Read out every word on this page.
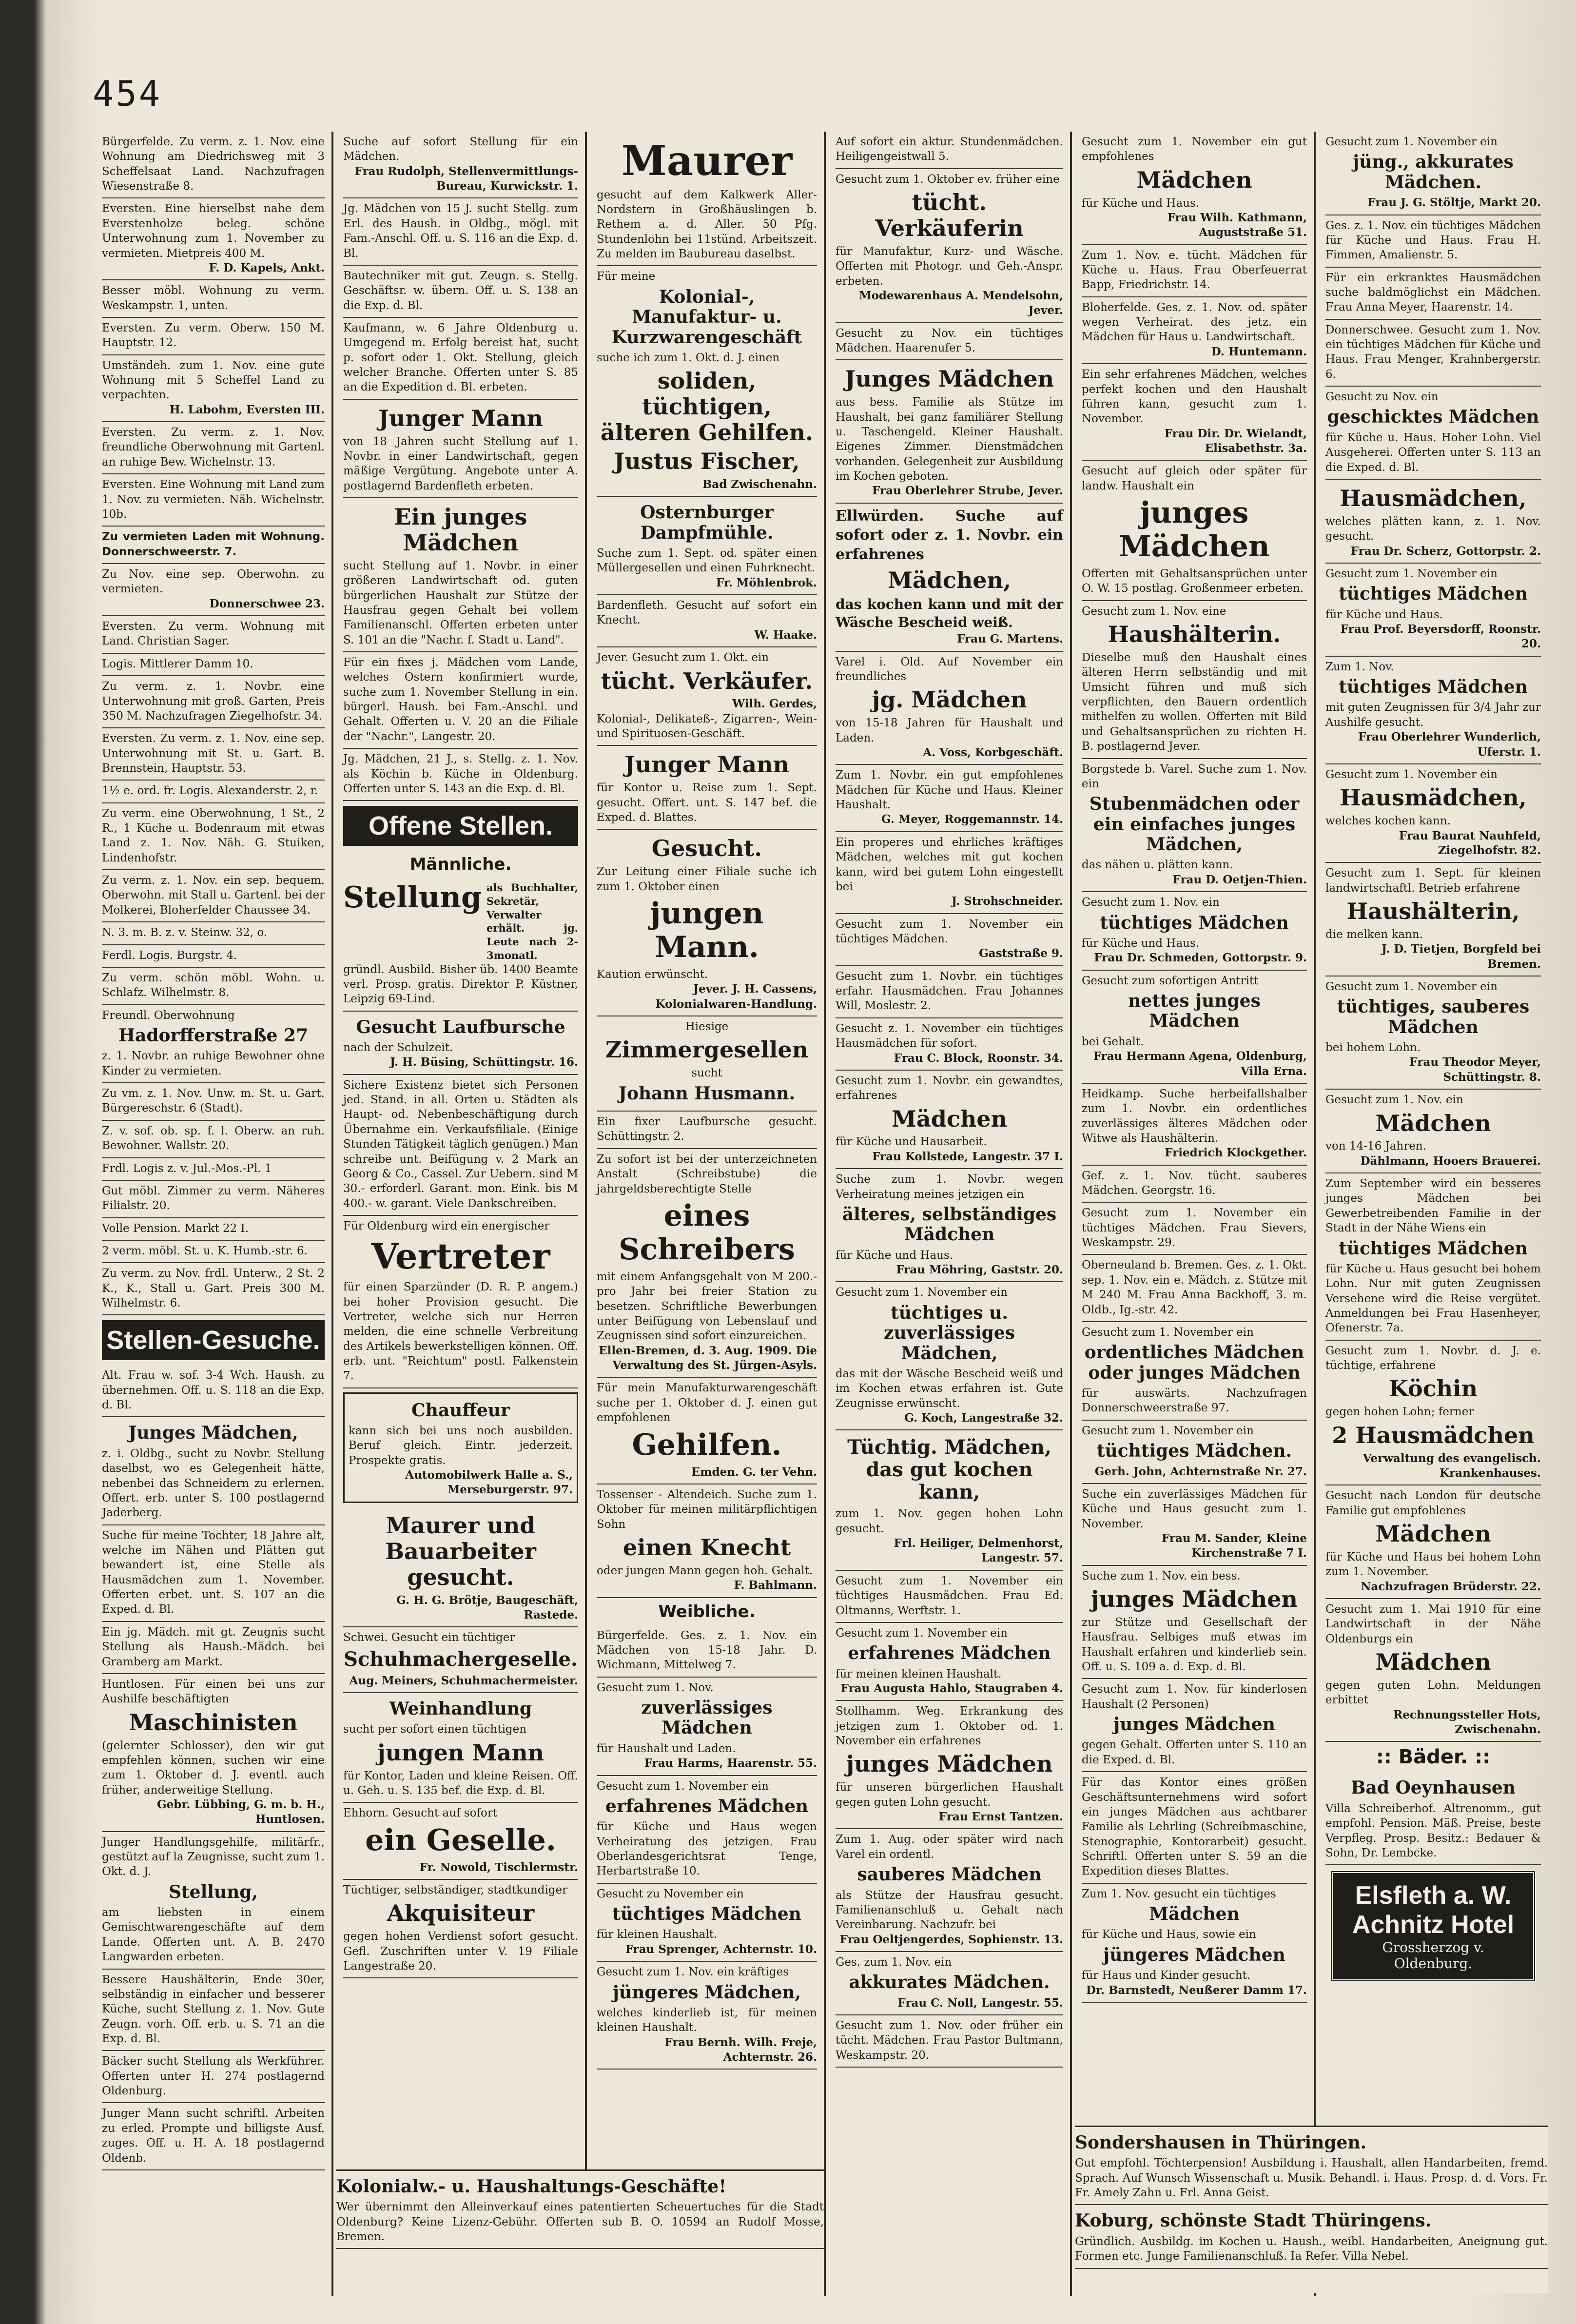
454
Bürgerfelde. Zu verm. z. 1. Nov. eine Wohnung am Diedrichsweg mit 3 Scheffelsaat Land. Nachzufragen Wiesenstraße 8.
Eversten. Eine hierselbst nahe dem Everstenholze beleg. schöne Unterwohnung zum 1. November zu vermieten. Mietpreis 400 M.
F. D. Kapels, Ankt.
Besser möbl. Wohnung zu verm. Weskampstr. 1, unten.
Eversten. Zu verm. Oberw. 150 M. Hauptstr. 12.
Umständeh. zum 1. Nov. eine gute Wohnung mit 5 Scheffel Land zu verpachten.
H. Labohm, Eversten III.
Eversten. Zu verm. z. 1. Nov. freundliche Oberwohnung mit Gartenl. an ruhige Bew. Wichelnstr. 13.
Eversten. Eine Wohnung mit Land zum 1. Nov. zu vermieten. Näh. Wichelnstr. 10b.
Zu vermieten Laden mit Wohnung. Donnerschweerstr. 7.
Zu Nov. eine sep. Oberwohn. zu vermieten.
Donnerschwee 23.
Eversten. Zu verm. Wohnung mit Land. Christian Sager.
Logis. Mittlerer Damm 10.
Zu verm. z. 1. Novbr. eine Unterwohnung mit groß. Garten, Preis 350 M. Nachzufragen Ziegelhofstr. 34.
Eversten. Zu verm. z. 1. Nov. eine sep. Unterwohnung mit St. u. Gart. B. Brennstein, Hauptstr. 53.
1½ e. ord. fr. Logis. Alexanderstr. 2, r.
Zu verm. eine Oberwohnung, 1 St., 2 R., 1 Küche u. Bodenraum mit etwas Land z. 1. Nov. Näh. G. Stuiken, Lindenhofstr.
Zu verm. z. 1. Nov. ein sep. bequem. Oberwohn. mit Stall u. Gartenl. bei der Molkerei, Bloherfelder Chaussee 34.
N. 3. m. B. z. v. Steinw. 32, o.
Ferdl. Logis. Burgstr. 4.
Zu verm. schön möbl. Wohn. u. Schlafz. Wilhelmstr. 8.
Freundl. Oberwohnung
Hadorfferstraße 27
z. 1. Novbr. an ruhige Bewohner ohne Kinder zu vermieten.
Zu vm. z. 1. Nov. Unw. m. St. u. Gart. Bürgereschstr. 6 (Stadt).
Z. v. sof. ob. sp. f. l. Oberw. an ruh. Bewohner. Wallstr. 20.
Frdl. Logis z. v. Jul.-Mos.-Pl. 1
Gut möbl. Zimmer zu verm. Näheres Filialstr. 20.
Volle Pension. Markt 22 I.
2 verm. möbl. St. u. K. Humb.-str. 6.
Zu verm. zu Nov. frdl. Unterw., 2 St. 2 K., K., Stall u. Gart. Preis 300 M. Wilhelmstr. 6.
Stellen-Gesuche.
Alt. Frau w. sof. 3-4 Wch. Haush. zu übernehmen. Off. u. S. 118 an die Exp. d. Bl.
Junges Mädchen,
z. i. Oldbg., sucht zu Novbr. Stellung daselbst, wo es Gelegenheit hätte, nebenbei das Schneidern zu erlernen. Offert. erb. unter S. 100 postlagernd Jaderberg.
Suche für meine Tochter, 18 Jahre alt, welche im Nähen und Plätten gut bewandert ist, eine Stelle als Hausmädchen zum 1. November. Offerten erbet. unt. S. 107 an die Exped. d. Bl.
Ein jg. Mädch. mit gt. Zeugnis sucht Stellung als Haush.-Mädch. bei Gramberg am Markt.
Huntlosen. Für einen bei uns zur Aushilfe beschäftigten
Maschinisten
(gelernter Schlosser), den wir gut empfehlen können, suchen wir eine zum 1. Oktober d. J. eventl. auch früher, anderweitige Stellung.
Gebr. Lübbing, G. m. b. H., Huntlosen.
Junger Handlungsgehilfe, militärfr., gestützt auf la Zeugnisse, sucht zum 1. Okt. d. J.
Stellung,
am liebsten in einem Gemischtwarengeschäfte auf dem Lande. Offerten unt. A. B. 2470 Langwarden erbeten.
Bessere Haushälterin, Ende 30er, selbständig in einfacher und besserer Küche, sucht Stellung z. 1. Nov. Gute Zeugn. vorh. Off. erb. u. S. 71 an die Exp. d. Bl.
Bäcker sucht Stellung als Werkführer. Offerten unter H. 274 postlagernd Oldenburg.
Junger Mann sucht schriftl. Arbeiten zu erled. Prompte und billigste Ausf. zuges. Off. u. H. A. 18 postlagernd Oldenb.
Suche auf sofort Stellung für ein Mädchen.
Frau Rudolph, Stellenvermittlungs-Bureau, Kurwickstr. 1.
Jg. Mädchen von 15 J. sucht Stellg. zum Erl. des Haush. in Oldbg., mögl. mit Fam.-Anschl. Off. u. S. 116 an die Exp. d. Bl.
Bautechniker mit gut. Zeugn. s. Stellg. Geschäftsr. w. übern. Off. u. S. 138 an die Exp. d. Bl.
Kaufmann, w. 6 Jahre Oldenburg u. Umgegend m. Erfolg bereist hat, sucht p. sofort oder 1. Okt. Stellung, gleich welcher Branche. Offerten unter S. 85 an die Expedition d. Bl. erbeten.
Junger Mann
von 18 Jahren sucht Stellung auf 1. Novbr. in einer Landwirtschaft, gegen mäßige Vergütung. Angebote unter A. postlagernd Bardenfleth erbeten.
Ein junges Mädchen
sucht Stellung auf 1. Novbr. in einer größeren Landwirtschaft od. guten bürgerlichen Haushalt zur Stütze der Hausfrau gegen Gehalt bei vollem Familienanschl. Offerten erbeten unter S. 101 an die "Nachr. f. Stadt u. Land".
Für ein fixes j. Mädchen vom Lande, welches Ostern konfirmiert wurde, suche zum 1. November Stellung in ein. bürgerl. Haush. bei Fam.-Anschl. und Gehalt. Offerten u. V. 20 an die Filiale der "Nachr.", Langestr. 20.
Jg. Mädchen, 21 J., s. Stellg. z. 1. Nov. als Köchin b. Küche in Oldenburg. Offerten unter S. 143 an die Exp. d. Bl.
Offene Stellen.
Männliche.
Stellung als Buchhalter, Sekretär, Verwalter erhält. jg. Leute nach 2-3monatl.
gründl. Ausbild. Bisher üb. 1400 Beamte verl. Prosp. gratis. Direktor P. Küstner, Leipzig 69-Lind.
Gesucht Laufbursche
nach der Schulzeit.
J. H. Büsing, Schüttingstr. 16.
Sichere Existenz bietet sich Personen jed. Stand. in all. Orten u. Städten als Haupt- od. Nebenbeschäftigung durch Übernahme ein. Verkaufsfiliale. (Einige Stunden Tätigkeit täglich genügen.) Man schreibe unt. Beifügung v. 2 Mark an Georg & Co., Cassel. Zur Uebern. sind M 30.- erforderl. Garant. mon. Eink. bis M 400.- w. garant. Viele Dankschreiben.
Für Oldenburg wird ein energischer
Vertreter
für einen Sparzünder (D. R. P. angem.) bei hoher Provision gesucht. Die Vertreter, welche sich nur Herren melden, die eine schnelle Verbreitung des Artikels bewerkstelligen können. Off. erb. unt. "Reichtum" postl. Falkenstein 7.
Chauffeur
kann sich bei uns noch ausbilden. Beruf gleich. Eintr. jederzeit. Prospekte gratis.
Automobilwerk Halle a. S., Merseburgerstr. 97.
Maurer und Bauarbeiter gesucht.
G. H. G. Brötje, Baugeschäft, Rastede.
Schwei. Gesucht ein tüchtiger
Schuhmachergeselle.
Aug. Meiners, Schuhmachermeister.
Weinhandlung
sucht per sofort einen tüchtigen
jungen Mann
für Kontor, Laden und kleine Reisen. Off. u. Geh. u. S. 135 bef. die Exp. d. Bl.
Ehhorn. Gesucht auf sofort
ein Geselle.
Fr. Nowold, Tischlermstr.
Tüchtiger, selbständiger, stadtkundiger
Akquisiteur
gegen hohen Verdienst sofort gesucht. Gefl. Zuschriften unter V. 19 Filiale Langestraße 20.
Maurer
gesucht auf dem Kalkwerk Aller-Nordstern in Großhäuslingen b. Rethem a. d. Aller. 50 Pfg. Stundenlohn bei 11stünd. Arbeitszeit. Zu melden im Baubureau daselbst.
Für meine
Kolonial-, Manufaktur- u. Kurzwarengeschäft
suche ich zum 1. Okt. d. J. einen
soliden, tüchtigen, älteren Gehilfen.
Justus Fischer,
Bad Zwischenahn.
Osternburger Dampfmühle.
Suche zum 1. Sept. od. später einen Müllergesellen und einen Fuhrknecht.
Fr. Möhlenbrok.
Bardenfleth. Gesucht auf sofort ein Knecht.
W. Haake.
Jever. Gesucht zum 1. Okt. ein
tücht. Verkäufer.
Wilh. Gerdes,
Kolonial-, Delikateß-, Zigarren-, Wein- und Spirituosen-Geschäft.
Junger Mann
für Kontor u. Reise zum 1. Sept. gesucht. Offert. unt. S. 147 bef. die Exped. d. Blattes.
Gesucht.
Zur Leitung einer Filiale suche ich zum 1. Oktober einen
jungen Mann.
Kaution erwünscht.
Jever. J. H. Cassens, Kolonialwaren-Handlung.
Hiesige
Zimmergesellen
sucht
Johann Husmann.
Ein fixer Laufbursche gesucht. Schüttingstr. 2.
Zu sofort ist bei der unterzeichneten Anstalt (Schreibstube) die jahrgeldsberechtigte Stelle
eines Schreibers
mit einem Anfangsgehalt von M 200.- pro Jahr bei freier Station zu besetzen. Schriftliche Bewerbungen unter Beifügung von Lebenslauf und Zeugnissen sind sofort einzureichen.
Ellen-Bremen, d. 3. Aug. 1909. Die Verwaltung des St. Jürgen-Asyls.
Für mein Manufakturwarengeschäft suche per 1. Oktober d. J. einen gut empfohlenen
Gehilfen.
Emden. G. ter Vehn.
Tossenser - Altendeich. Suche zum 1. Oktober für meinen militärpflichtigen Sohn
einen Knecht
oder jungen Mann gegen hoh. Gehalt.
F. Bahlmann.
Weibliche.
Bürgerfelde. Ges. z. 1. Nov. ein Mädchen von 15-18 Jahr. D. Wichmann, Mittelweg 7.
Gesucht zum 1. Nov.
zuverlässiges Mädchen
für Haushalt und Laden.
Frau Harms, Haarenstr. 55.
Gesucht zum 1. November ein
erfahrenes Mädchen
für Küche und Haus wegen Verheiratung des jetzigen. Frau Oberlandesgerichtsrat Tenge, Herbartstraße 10.
Gesucht zu November ein
tüchtiges Mädchen
für kleinen Haushalt.
Frau Sprenger, Achternstr. 10.
Gesucht zum 1. Nov. ein kräftiges
jüngeres Mädchen,
welches kinderlieb ist, für meinen kleinen Haushalt.
Frau Bernh. Wilh. Freje, Achternstr. 26.
Auf sofort ein aktur. Stundenmädchen. Heiligengeistwall 5.
Gesucht zum 1. Oktober ev. früher eine
tücht. Verkäuferin
für Manufaktur, Kurz- und Wäsche. Offerten mit Photogr. und Geh.-Anspr. erbeten.
Modewarenhaus A. Mendelsohn, Jever.
Gesucht zu Nov. ein tüchtiges Mädchen. Haarenufer 5.
Junges Mädchen
aus bess. Familie als Stütze im Haushalt, bei ganz familiärer Stellung u. Taschengeld. Kleiner Haushalt. Eigenes Zimmer. Dienstmädchen vorhanden. Gelegenheit zur Ausbildung im Kochen geboten.
Frau Oberlehrer Strube, Jever.
Ellwürden. Suche auf sofort oder z. 1. Novbr. ein erfahrenes
Mädchen,
das kochen kann und mit der Wäsche Bescheid weiß.
Frau G. Martens.
Varel i. Old. Auf November ein freundliches
jg. Mädchen
von 15-18 Jahren für Haushalt und Laden.
A. Voss, Korbgeschäft.
Zum 1. Novbr. ein gut empfohlenes Mädchen für Küche und Haus. Kleiner Haushalt.
G. Meyer, Roggemannstr. 14.
Ein properes und ehrliches kräftiges Mädchen, welches mit gut kochen kann, wird bei gutem Lohn eingestellt bei
J. Strohschneider.
Gesucht zum 1. November ein tüchtiges Mädchen.
Gaststraße 9.
Gesucht zum 1. Novbr. ein tüchtiges erfahr. Hausmädchen. Frau Johannes Will, Moslestr. 2.
Gesucht z. 1. November ein tüchtiges Hausmädchen für sofort.
Frau C. Block, Roonstr. 34.
Gesucht zum 1. Novbr. ein gewandtes, erfahrenes
Mädchen
für Küche und Hausarbeit.
Frau Kollstede, Langestr. 37 I.
Suche zum 1. Novbr. wegen Verheiratung meines jetzigen ein
älteres, selbständiges Mädchen
für Küche und Haus.
Frau Möhring, Gaststr. 20.
Gesucht zum 1. November ein
tüchtiges u. zuverlässiges Mädchen,
das mit der Wäsche Bescheid weiß und im Kochen etwas erfahren ist. Gute Zeugnisse erwünscht.
G. Koch, Langestraße 32.
Tüchtig. Mädchen, das gut kochen kann,
zum 1. Nov. gegen hohen Lohn gesucht.
Frl. Heiliger, Delmenhorst, Langestr. 57.
Gesucht zum 1. November ein tüchtiges Hausmädchen. Frau Ed. Oltmanns, Werftstr. 1.
Gesucht zum 1. November ein
erfahrenes Mädchen
für meinen kleinen Haushalt.
Frau Augusta Hahlo, Staugraben 4.
Stollhamm. Weg. Erkrankung des jetzigen zum 1. Oktober od. 1. November ein erfahrenes
junges Mädchen
für unseren bürgerlichen Haushalt gegen guten Lohn gesucht.
Frau Ernst Tantzen.
Zum 1. Aug. oder später wird nach Varel ein ordentl.
sauberes Mädchen
als Stütze der Hausfrau gesucht. Familienanschluß u. Gehalt nach Vereinbarung. Nachzufr. bei
Frau Oeltjengerdes, Sophienstr. 13.
Ges. zum 1. Nov. ein
akkurates Mädchen.
Frau C. Noll, Langestr. 55.
Gesucht zum 1. Nov. oder früher ein tücht. Mädchen. Frau Pastor Bultmann, Weskampstr. 20.
Gesucht zum 1. November ein gut empfohlenes
Mädchen
für Küche und Haus.
Frau Wilh. Kathmann, Auguststraße 51.
Zum 1. Nov. e. tücht. Mädchen für Küche u. Haus. Frau Oberfeuerrat Bapp, Friedrichstr. 14.
Bloherfelde. Ges. z. 1. Nov. od. später wegen Verheirat. des jetz. ein Mädchen für Haus u. Landwirtschaft.
D. Huntemann.
Ein sehr erfahrenes Mädchen, welches perfekt kochen und den Haushalt führen kann, gesucht zum 1. November.
Frau Dir. Dr. Wielandt, Elisabethstr. 3a.
Gesucht auf gleich oder später für landw. Haushalt ein
junges Mädchen
Offerten mit Gehaltsansprüchen unter O. W. 15 postlag. Großenmeer erbeten.
Gesucht zum 1. Nov. eine
Haushälterin.
Dieselbe muß den Haushalt eines älteren Herrn selbständig und mit Umsicht führen und muß sich verpflichten, den Bauern ordentlich mithelfen zu wollen. Offerten mit Bild und Gehaltsansprüchen zu richten H. B. postlagernd Jever.
Borgstede b. Varel. Suche zum 1. Nov. ein
Stubenmädchen oder ein einfaches junges Mädchen,
das nähen u. plätten kann.
Frau D. Oetjen-Thien.
Gesucht zum 1. Nov. ein
tüchtiges Mädchen
für Küche und Haus.
Frau Dr. Schmeden, Gottorpstr. 9.
Gesucht zum sofortigen Antritt
nettes junges Mädchen
bei Gehalt.
Frau Hermann Agena, Oldenburg, Villa Erna.
Heidkamp. Suche herbeifallshalber zum 1. Novbr. ein ordentliches zuverlässiges älteres Mädchen oder Witwe als Haushälterin.
Friedrich Klockgether.
Gef. z. 1. Nov. tücht. sauberes Mädchen. Georgstr. 16.
Gesucht zum 1. November ein tüchtiges Mädchen. Frau Sievers, Weskampstr. 29.
Oberneuland b. Bremen. Ges. z. 1. Okt. sep. 1. Nov. ein e. Mädch. z. Stütze mit M 240 M. Frau Anna Backhoff, 3. m. Oldb., Ig.-str. 42.
Gesucht zum 1. November ein
ordentliches Mädchen oder junges Mädchen
für auswärts. Nachzufragen Donnerschweerstraße 97.
Gesucht zum 1. November ein
tüchtiges Mädchen.
Gerh. John, Achternstraße Nr. 27.
Suche ein zuverlässiges Mädchen für Küche und Haus gesucht zum 1. November.
Frau M. Sander, Kleine Kirchenstraße 7 I.
Suche zum 1. Nov. ein bess.
junges Mädchen
zur Stütze und Gesellschaft der Hausfrau. Selbiges muß etwas im Haushalt erfahren und kinderlieb sein. Off. u. S. 109 a. d. Exp. d. Bl.
Gesucht zum 1. Nov. für kinderlosen Haushalt (2 Personen)
junges Mädchen
gegen Gehalt. Offerten unter S. 110 an die Exped. d. Bl.
Für das Kontor eines größen Geschäftsunternehmens wird sofort ein junges Mädchen aus achtbarer Familie als Lehrling (Schreibmaschine, Stenographie, Kontorarbeit) gesucht. Schriftl. Offerten unter S. 59 an die Expedition dieses Blattes.
Zum 1. Nov. gesucht ein tüchtiges
Mädchen
für Küche und Haus, sowie ein
jüngeres Mädchen
für Haus und Kinder gesucht.
Dr. Barnstedt, Neußerer Damm 17.
Gesucht zum 1. November ein
jüng., akkurates Mädchen.
Frau J. G. Stöltje, Markt 20.
Ges. z. 1. Nov. ein tüchtiges Mädchen für Küche und Haus. Frau H. Fimmen, Amalienstr. 5.
Für ein erkranktes Hausmädchen suche baldmöglichst ein Mädchen. Frau Anna Meyer, Haarenstr. 14.
Donnerschwee. Gesucht zum 1. Nov. ein tüchtiges Mädchen für Küche und Haus. Frau Menger, Krahnbergerstr. 6.
Gesucht zu Nov. ein
geschicktes Mädchen
für Küche u. Haus. Hoher Lohn. Viel Ausgeherei. Offerten unter S. 113 an die Exped. d. Bl.
Hausmädchen,
welches plätten kann, z. 1. Nov. gesucht.
Frau Dr. Scherz, Gottorpstr. 2.
Gesucht zum 1. November ein
tüchtiges Mädchen
für Küche und Haus.
Frau Prof. Beyersdorff, Roonstr. 20.
Zum 1. Nov.
tüchtiges Mädchen
mit guten Zeugnissen für 3/4 Jahr zur Aushilfe gesucht.
Frau Oberlehrer Wunderlich, Uferstr. 1.
Gesucht zum 1. November ein
Hausmädchen,
welches kochen kann.
Frau Baurat Nauhfeld, Ziegelhofstr. 82.
Gesucht zum 1. Sept. für kleinen landwirtschaftl. Betrieb erfahrene
Haushälterin,
die melken kann.
J. D. Tietjen, Borgfeld bei Bremen.
Gesucht zum 1. November ein
tüchtiges, sauberes Mädchen
bei hohem Lohn.
Frau Theodor Meyer, Schüttingstr. 8.
Gesucht zum 1. Nov. ein
Mädchen
von 14-16 Jahren.
Dählmann, Hooers Brauerei.
Zum September wird ein besseres junges Mädchen bei Gewerbetreibenden Familie in der Stadt in der Nähe Wiens ein
tüchtiges Mädchen
für Küche u. Haus gesucht bei hohem Lohn. Nur mit guten Zeugnissen Versehene wird die Reise vergütet. Anmeldungen bei Frau Hasenheyer, Ofenerstr. 7a.
Gesucht zum 1. Novbr. d. J. e. tüchtige, erfahrene
Köchin
gegen hohen Lohn; ferner
2 Hausmädchen
Verwaltung des evangelisch. Krankenhauses.
Gesucht nach London für deutsche Familie gut empfohlenes
Mädchen
für Küche und Haus bei hohem Lohn zum 1. November.
Nachzufragen Brüderstr. 22.
Gesucht zum 1. Mai 1910 für eine Landwirtschaft in der Nähe Oldenburgs ein
Mädchen
gegen guten Lohn. Meldungen erbittet
Rechnungssteller Hots, Zwischenahn.
:: Bäder. ::
Bad Oeynhausen
Villa Schreiberhof. Altrenomm., gut empfohl. Pension. Mäß. Preise, beste Verpfleg. Prosp. Besitz.: Bedauer & Sohn, Dr. Lembcke.
Elsfleth a. W.
Achnitz Hotel
Grossherzog v. Oldenburg.
Sondershausen in Thüringen.
Gut empfohl. Töchterpension! Ausbildung i. Haushalt, allen Handarbeiten, fremd. Sprach. Auf Wunsch Wissenschaft u. Musik. Behandl. i. Haus. Prosp. d. d. Vors. Fr. Fr. Amely Zahn u. Frl. Anna Geist.
Koburg, schönste Stadt Thüringens.
Gründlich. Ausbildg. im Kochen u. Haush., weibl. Handarbeiten, Aneignung gut. Formen etc. Junge Familienanschluß. Ia Refer. Villa Nebel.
Kolonialw.- u. Haushaltungs-Geschäfte!
Wer übernimmt den Alleinverkauf eines patentierten Scheuertuches für die Stadt Oldenburg? Keine Lizenz-Gebühr. Offerten sub B. O. 10594 an Rudolf Mosse, Bremen.
